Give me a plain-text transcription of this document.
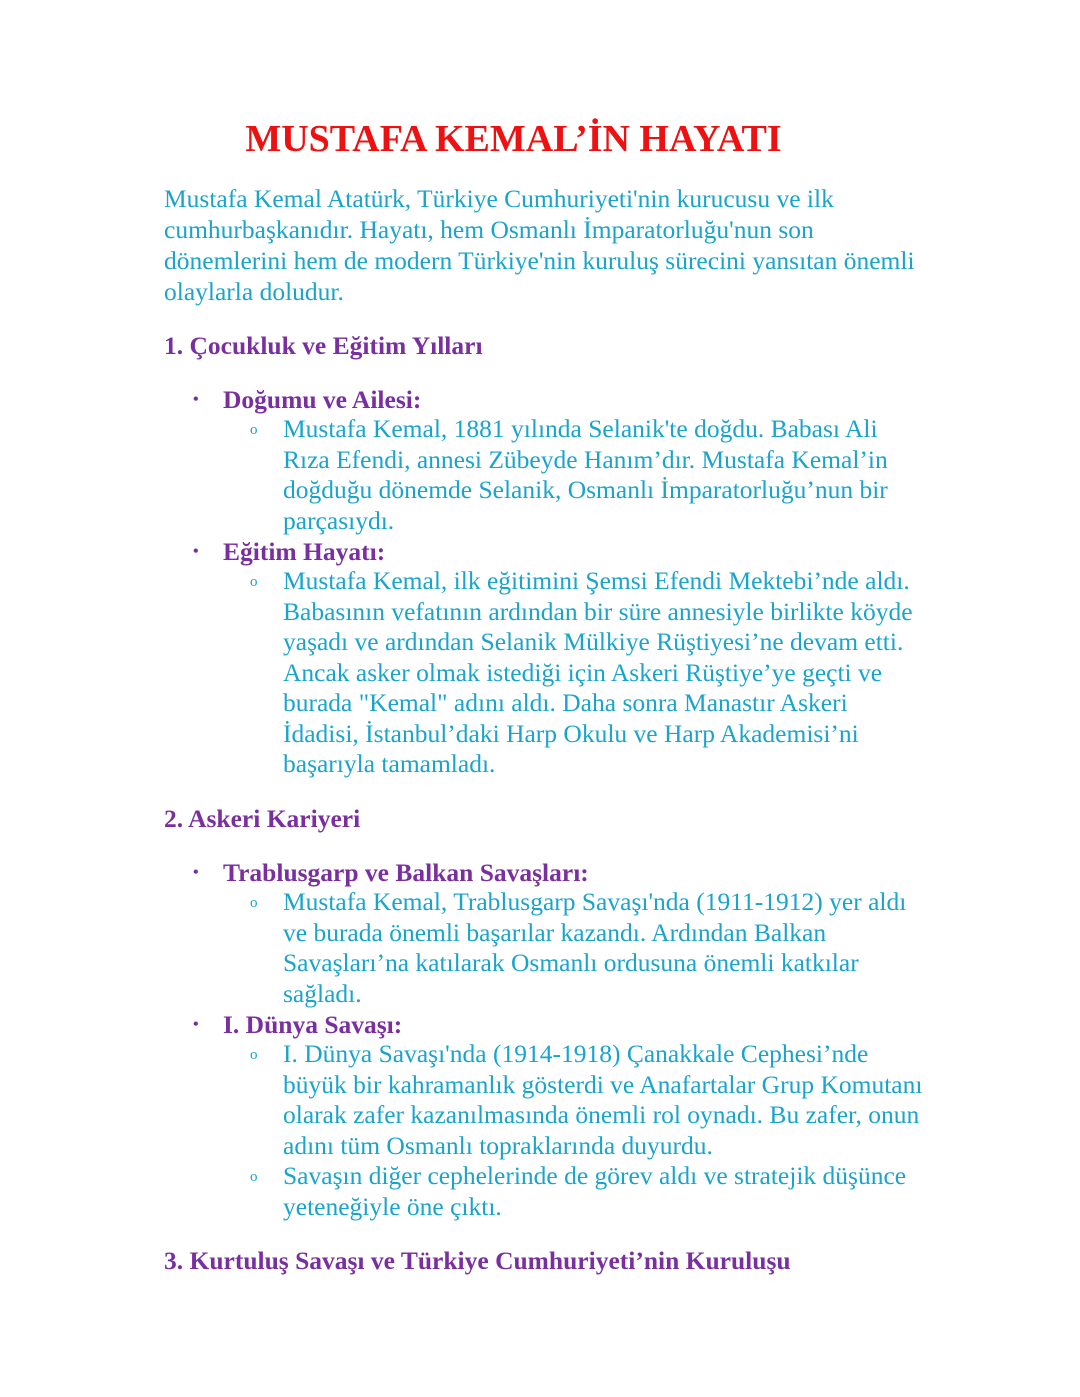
MUSTAFA KEMAL’İN HAYATI

Mustafa Kemal Atatürk, Türkiye Cumhuriyeti'nin kurucusu ve ilk cumhurbaşkanıdır. Hayatı, hem Osmanlı İmparatorluğu'nun son dönemlerini hem de modern Türkiye'nin kuruluş sürecini yansıtan önemli olaylarla doludur.

1. Çocukluk ve Eğitim Yılları
• Doğumu ve Ailesi:
o	Mustafa Kemal, 1881 yılında Selanik'te doğdu. Babası Ali Rıza Efendi, annesi Zübeyde Hanım’dır. Mustafa Kemal’in doğduğu dönemde Selanik, Osmanlı İmparatorluğu’nun bir parçasıydı.
• Eğitim Hayatı:
o	Mustafa Kemal, ilk eğitimini Şemsi Efendi Mektebi’nde aldı. Babasının vefatının ardından bir süre annesiyle birlikte köyde yaşadı ve ardından Selanik Mülkiye Rüştiyesi’ne devam etti. Ancak asker olmak istediği için Askeri Rüştiye’ye geçti ve burada "Kemal" adını aldı. Daha sonra Manastır Askeri İdadisi, İstanbul’daki Harp Okulu ve Harp Akademisi’ni başarıyla tamamladı.
2. Askeri Kariyeri
• Trablusgarp ve Balkan Savaşları:
o	Mustafa Kemal, Trablusgarp Savaşı'nda (1911-1912) yer aldı ve burada önemli başarılar kazandı. Ardından Balkan Savaşları’na katılarak Osmanlı ordusuna önemli katkılar sağladı.
• I. Dünya Savaşı:
o	I. Dünya Savaşı'nda (1914-1918) Çanakkale Cephesi’nde büyük bir kahramanlık gösterdi ve Anafartalar Grup Komutanı olarak zafer kazanılmasında önemli rol oynadı. Bu zafer, onun adını tüm Osmanlı topraklarında duyurdu.
o	Savaşın diğer cephelerinde de görev aldı ve stratejik düşünce yeteneğiyle öne çıktı.
3. Kurtuluş Savaşı ve Türkiye Cumhuriyeti’nin Kuruluşu
